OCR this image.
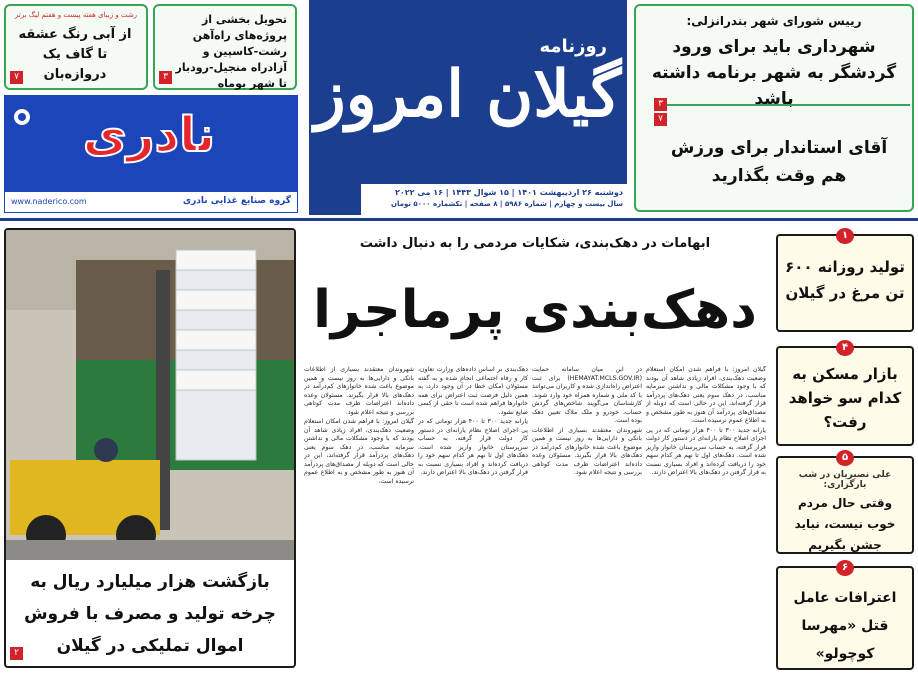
رشت و زیبای هفته پیست و هفتم لیگ برتر
از آبی رنگ عشقه تا گاف یک دروازه‌بان
۷
تحویل بخشی از پروژه‌های راه‌آهن رشت-کاسپین و آزادراه منجیل-رودبار تا شهر بوماه
۳
نادری
www.naderico.com	گروه صنایع غذایی نادری
روزنامه
گیلان امروز
دوشنبه ۲۶ اردیبهشت ۱۴۰۱ | ۱۵ شوال ۱۴۴۳ | ۱۶ می ۲۰۲۲
سال بیست و چهارم | شماره ۵۹۸۶ | ۸ صفحه | تکشماره ۵۰۰۰ تومان
رییس شورای شهر بندرانزلی:
شهرداری باید برای ورود گردشگر به شهر برنامه داشته باشد
۳
۷
آقای استاندار برای ورزش هم وقت بگذارید
ابهامات در دهک‌بندی، شکایات مردمی را به دنبال داشت
دهک‌بندی پرماجرا

گیلان امروز: با فراهم شدن امکان استعلام وضعیت دهک‌بندی، افراد زیادی شاهد آن بودند که با وجود مشکلات مالی و نداشتن سرمایه مناسب، در دهک سوم یعنی دهک‌های پردرآمد قرار گرفته‌اند، این در حالی است که دوبله از مصداق‌های پردرآمد آن هنوز به طور مشخص و به اطلاع عموم نرسیده است.

یارانه جدید ۳۰۰ تا ۴۰۰ هزار تومانی که در پی اجرای اصلاح نظام یارانه‌ای در دستور کار دولت قرار گرفته، به حساب سرپرستان خانوار واریز شده است. دهک‌های اول تا نهم هر کدام سهم خود را دریافت کرده‌اند و افراد بسیاری نسبت به قرار گرفتن در دهک‌های بالا اعتراض دارند.

در این میان سامانه حمایت (HEMAYAT.MCLS.GOV.IR) برای ثبت اعتراض راه‌اندازی شده و کاربران می‌توانند با کد ملی و شماره همراه خود وارد شوند. کارشناسان می‌گویند شاخص‌های گردش حساب، خودرو و ملک ملاک تعیین دهک بوده است.

شهروندان معتقدند بسیاری از اطلاعات بانکی و دارایی‌ها به روز نیست و همین موضوع باعث شده خانوارهای کم‌درآمد در دهک‌های بالا قرار بگیرند. مسئولان وعده داده‌اند اعتراضات ظرف مدت کوتاهی بررسی و نتیجه اعلام شود.

دهک‌بندی بر اساس داده‌های وزارت تعاون، کار و رفاه اجتماعی انجام شده و به گفته مسئولان امکان خطا در آن وجود دارد، به همین دلیل فرصت ثبت اعتراض برای همه خانوارها فراهم شده است تا حقی از کسی ضایع نشود.

یارانه جدید ۳۰۰ تا ۴۰۰ هزار تومانی که در پی اجرای اصلاح نظام یارانه‌ای در دستور کار دولت قرار گرفته، به حساب سرپرستان خانوار واریز شده است. دهک‌های اول تا نهم هر کدام سهم خود را دریافت کرده‌اند و افراد بسیاری نسبت به قرار گرفتن در دهک‌های بالا اعتراض دارند.

شهروندان معتقدند بسیاری از اطلاعات بانکی و دارایی‌ها به روز نیست و همین موضوع باعث شده خانوارهای کم‌درآمد در دهک‌های بالا قرار بگیرند. مسئولان وعده داده‌اند اعتراضات ظرف مدت کوتاهی بررسی و نتیجه اعلام شود.

گیلان امروز: با فراهم شدن امکان استعلام وضعیت دهک‌بندی، افراد زیادی شاهد آن بودند که با وجود مشکلات مالی و نداشتن سرمایه مناسب، در دهک سوم یعنی دهک‌های پردرآمد قرار گرفته‌اند، این در حالی است که دوبله از مصداق‌های پردرآمد آن هنوز به طور مشخص و به اطلاع عموم نرسیده است.

بازگشت هزار میلیارد ریال به چرخه تولید و مصرف با فروش اموال تملیکی در گیلان
۲
۱
تولید روزانه ۶۰۰ تن مرغ در گیلان
۴
بازار مسکن به کدام سو خواهد رفت؟
۵
علی نصیریان در شب بارگزاری:
وقتی حال مردم خوب نیست، نباید جشن بگیریم
۶
اعترافات عامل قتل «مهرسا کوچولو»
